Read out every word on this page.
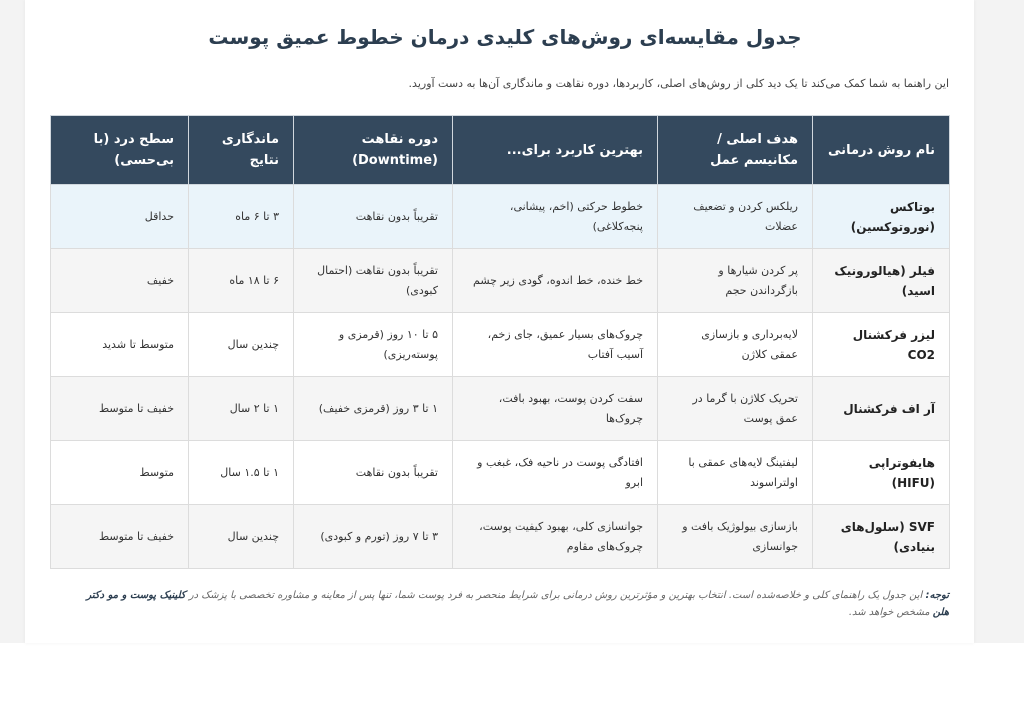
جدول مقایسه‌ای روش‌های کلیدی درمان خطوط عمیق پوست

این راهنما به شما کمک می‌کند تا یک دید کلی از روش‌های اصلی، کاربردها، دوره نقاهت و ماندگاری آن‌ها به دست آورید.

نام روش درمانی	هدف اصلی / مکانیسم عمل	بهترین کاربرد برای...	دوره نقاهت (Downtime)	ماندگاری نتایج	سطح درد (با بی‌حسی)
بوتاکس (نوروتوکسین)	ریلکس کردن و تضعیف عضلات	خطوط حرکتی (اخم، پیشانی، پنجه‌کلاغی)	تقریباً بدون نقاهت	۳ تا ۶ ماه	حداقل
فیلر (هیالورونیک اسید)	پر کردن شیارها و بازگرداندن حجم	خط خنده، خط اندوه، گودی زیر چشم	تقریباً بدون نقاهت (احتمال کبودی)	۶ تا ۱۸ ماه	خفیف
لیزر فرکشنال CO2	لایه‌برداری و بازسازی عمقی کلاژن	چروک‌های بسیار عمیق، جای زخم، آسیب آفتاب	۵ تا ۱۰ روز (قرمزی و پوسته‌ریزی)	چندین سال	متوسط تا شدید
آر اف فرکشنال	تحریک کلاژن با گرما در عمق پوست	سفت کردن پوست، بهبود بافت، چروک‌ها	۱ تا ۳ روز (قرمزی خفیف)	۱ تا ۲ سال	خفیف تا متوسط
هایفوتراپی (HIFU)	لیفتینگ لایه‌های عمقی با اولتراسوند	افتادگی پوست در ناحیه فک، غبغب و ابرو	تقریباً بدون نقاهت	۱ تا ۱.۵ سال	متوسط
SVF (سلول‌های بنیادی)	بازسازی بیولوژیک بافت و جوانسازی	جوانسازی کلی، بهبود کیفیت پوست، چروک‌های مقاوم	۳ تا ۷ روز (تورم و کبودی)	چندین سال	خفیف تا متوسط

توجه: این جدول یک راهنمای کلی و خلاصه‌شده است. انتخاب بهترین و مؤثرترین روش درمانی برای شرایط منحصر به فرد پوست شما، تنها پس از معاینه و مشاوره تخصصی با پزشک در کلینیک پوست و مو دکتر هلن مشخص خواهد شد.
